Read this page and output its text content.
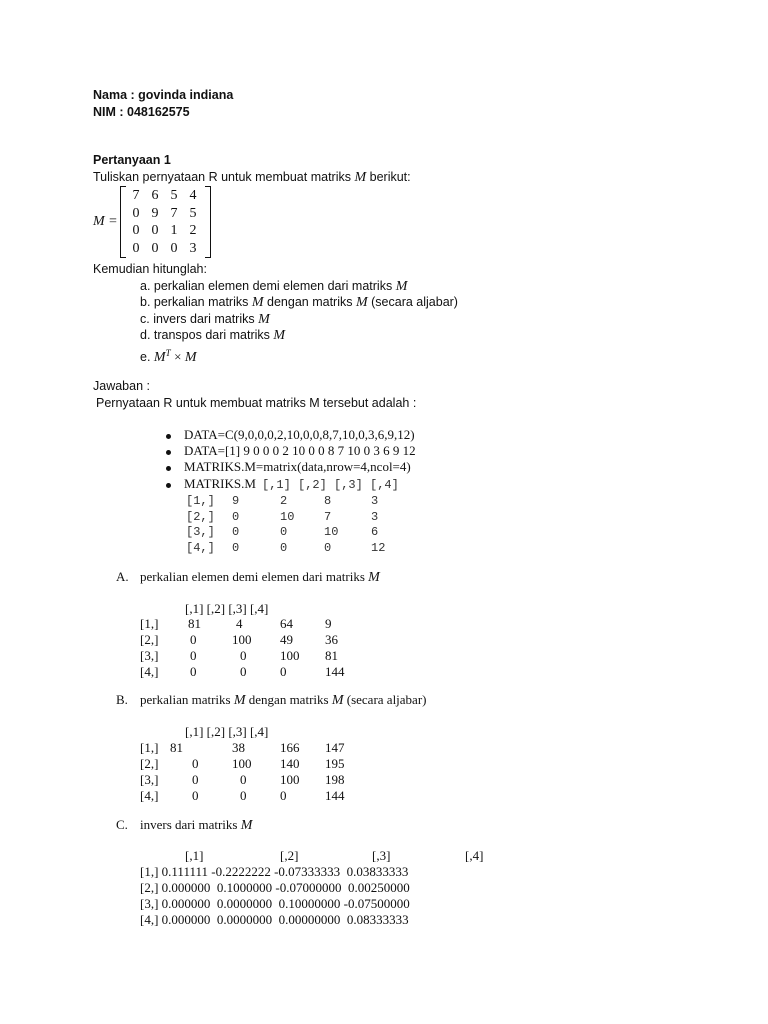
Nama : govinda indiana
NIM : 048162575
Pertanyaan 1
Tuliskan pernyataan R untuk membuat matriks M berikut:
M =
7 6 5 4
0 9 7 5
0 0 1 2
0 0 0 3
Kemudian hitunglah:
a. perkalian elemen demi elemen dari matriks M
b. perkalian matriks M dengan matriks M (secara aljabar)
c. invers dari matriks M
d. transpos dari matriks M
e. $M^T \times M$
Jawaban :
Pernyataan R untuk membuat matriks M tersebut adalah :
DATA=C(9,0,0,0,2,10,0,0,8,7,10,0,3,6,9,12)
DATA=[1] 9 0 0 0 2 10 0 0 8 7 10 0 3 6 9 12
MATRIKS.M=matrix(data,nrow=4,ncol=4)
MATRIKS.M [,1] [,2] [,3] [,4]
[1,] 9	2	8	3
[2,] 0	10 7	3
[3,] 0	0	10	6
[4,] 0	0	0	12
A. perkalian elemen demi elemen dari matriks M
[,1] [,2] [,3] [,4]
[1,] 81	4	64 9
[2,] 0	100 49 36
[3,] 0	0	100 81
[4,] 0	0	0	144
B. perkalian matriks M dengan matriks M (secara aljabar)
[,1] [,2] [,3] [,4]
[1,] 81	38	166 147
[2,]	0	100 140 195
[3,]	0	0	100 198
[4,]	0	0	0	144
C. invers dari matriks M
[,1]	[,2]	[,3]	[,4]
[1,] 0.111111 -0.2222222 -0.07333333  0.03833333
[2,] 0.000000  0.1000000 -0.07000000  0.00250000
[3,] 0.000000  0.0000000  0.10000000 -0.07500000
[4,] 0.000000  0.0000000  0.00000000  0.08333333
